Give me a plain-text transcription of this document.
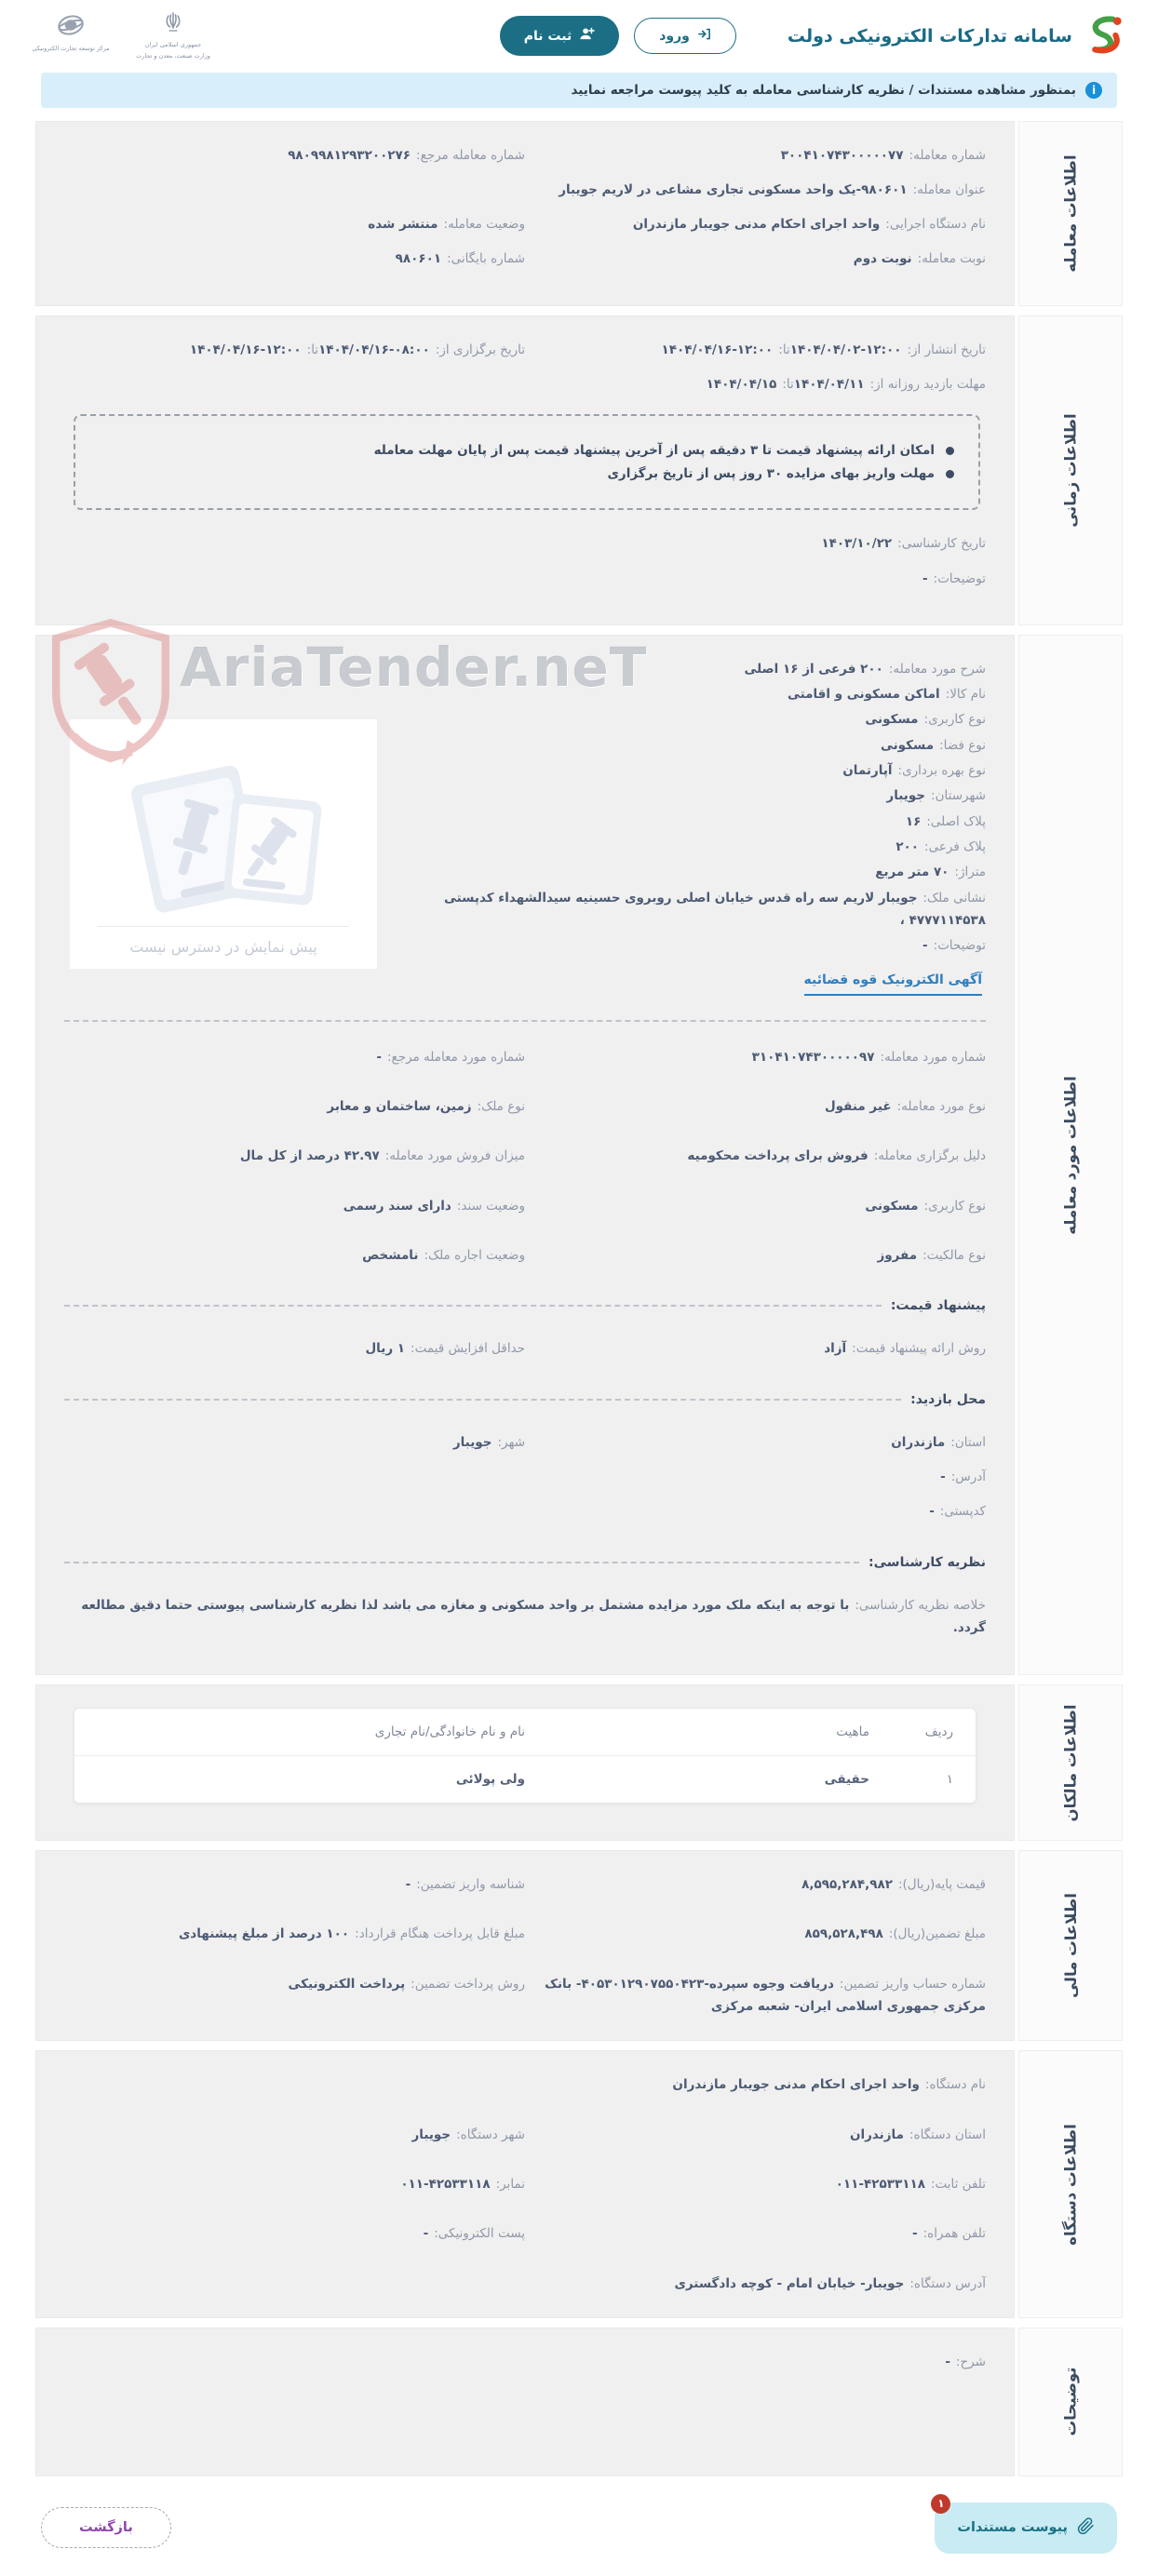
سامانه تدارکات الکترونیکی دولت
ورود
ثبت نام
جمهوری اسلامی ایران
وزارت صنعت، معدن و تجارت
مرکز توسعه تجارت الکترونیکی
i
بمنظور مشاهده مستندات / نظریه کارشناسی معامله به کلید پیوست مراجعه نمایید
اطلاعات معامله
شماره معامله:۳۰۰۴۱۰۷۴۳۰۰۰۰۰۷۷
شماره معامله مرجع:۹۸۰۹۹۸۱۲۹۳۲۰۰۲۷۶
عنوان معامله:۹۸۰۶۰۱-یک واحد مسکونی تجاری مشاعی در لاریم جویبار
نام دستگاه اجرایی:واحد اجرای احکام مدنی جویبار مازندران
وضعیت معامله:منتشر شده
نوبت معامله:نوبت دوم
شماره بایگانی:۹۸۰۶۰۱
اطلاعات زمانی
تاریخ انتشار از:۱۴۰۴/۰۴/۰۲-۱۲:۰۰تا:۱۴۰۴/۰۴/۱۶-۱۲:۰۰
تاریخ برگزاری از:۱۴۰۴/۰۴/۱۶-۰۸:۰۰تا:۱۴۰۴/۰۴/۱۶-۱۲:۰۰
مهلت بازدید روزانه از:۱۴۰۴/۰۴/۱۱تا:۱۴۰۴/۰۴/۱۵
امکان ارائه پیشنهاد قیمت تا ۳ دقیقه پس از آخرین پیشنهاد قیمت پس از پایان مهلت معامله
مهلت واریز بهای مزایده ۳۰ روز پس از تاریخ برگزاری
تاریخ کارشناسی:۱۴۰۳/۱۰/۲۲
توضیحات:-
اطلاعات مورد معامله
AriaTender.neT	شرح مورد معامله:۲۰۰ فرعی از ۱۶ اصلی
نام کالا:اماکن مسکونی و اقامتی
نوع کاربری:مسکونی
نوع فضا:مسکونی
نوع بهره برداری:آپارتمان
شهرستان:جویبار
پلاک اصلی:۱۶
پلاک فرعی:۲۰۰
متراژ:۷۰ متر مربع
نشانی ملک:جویبار لاریم سه راه قدس خیابان اصلی روبروی حسینیه سیدالشهداء کدپستی ۴۷۷۷۱۱۴۵۳۸ ،
توضیحات:-
پیش نمایش در دسترس نیست
آگهی الکترونیک قوه قضائیه
شماره مورد معامله:۳۱۰۴۱۰۷۴۳۰۰۰۰۰۹۷
شماره مورد معامله مرجع:-
نوع مورد معامله:غیر منقول
نوع ملک:زمین، ساختمان و معابر
دلیل برگزاری معامله:فروش برای پرداخت محکومیه
میزان فروش مورد معامله:۴۲.۹۷ درصد از کل مال
نوع کاربری:مسکونی
وضعیت سند:دارای سند رسمی
نوع مالکیت:مفروز
وضعیت اجاره ملک:نامشخص
پیشنهاد قیمت:
روش ارائه پیشنهاد قیمت:آزاد
حداقل افزایش قیمت:۱ ریال
محل بازدید:
استان:مازندران
شهر:جویبار
آدرس:-
کدپستی:-
نظریه کارشناسی:
خلاصه نظریه کارشناسی:با توجه به اینکه ملک مورد مزایده مشتمل بر واحد مسکونی و مغازه می باشد لذا نظریه کارشناسی پیوستی حتما دقیق مطالعه گردد.
اطلاعات مالکان
ردیف
ماهیت
نام و نام خانوادگی/نام تجاری
۱
حقیقی
ولی پولائی
اطلاعات مالی
قیمت پایه(ریال):۸,۵۹۵,۲۸۴,۹۸۲
شناسه واریز تضمین:-
مبلغ تضمین(ریال):۸۵۹,۵۲۸,۴۹۸
مبلغ قابل پرداخت هنگام قرارداد:۱۰۰ درصد از مبلغ پیشنهادی
شماره حساب واریز تضمین:دریافت وجوه سپرده-۴۰۵۳۰۱۲۹۰۷۵۵۰۴۲۳- بانک مرکزی جمهوری اسلامی ایران- شعبه مرکزی
روش پرداخت تضمین:پرداخت الکترونیکی
اطلاعات دستگاه
نام دستگاه:واحد اجرای احکام مدنی جویبار مازندران
استان دستگاه:مازندران
شهر دستگاه:جویبار
تلفن ثابت:۰۱۱-۴۲۵۳۳۱۱۸
نمابر:۰۱۱-۴۲۵۳۳۱۱۸
تلفن همراه:-
پست الکترونیکی:-
آدرس دستگاه:جویبار- خیابان امام - کوچه دادگستری
توضیحات
شرح:-
۱
پیوست مستندات
بازگشت
